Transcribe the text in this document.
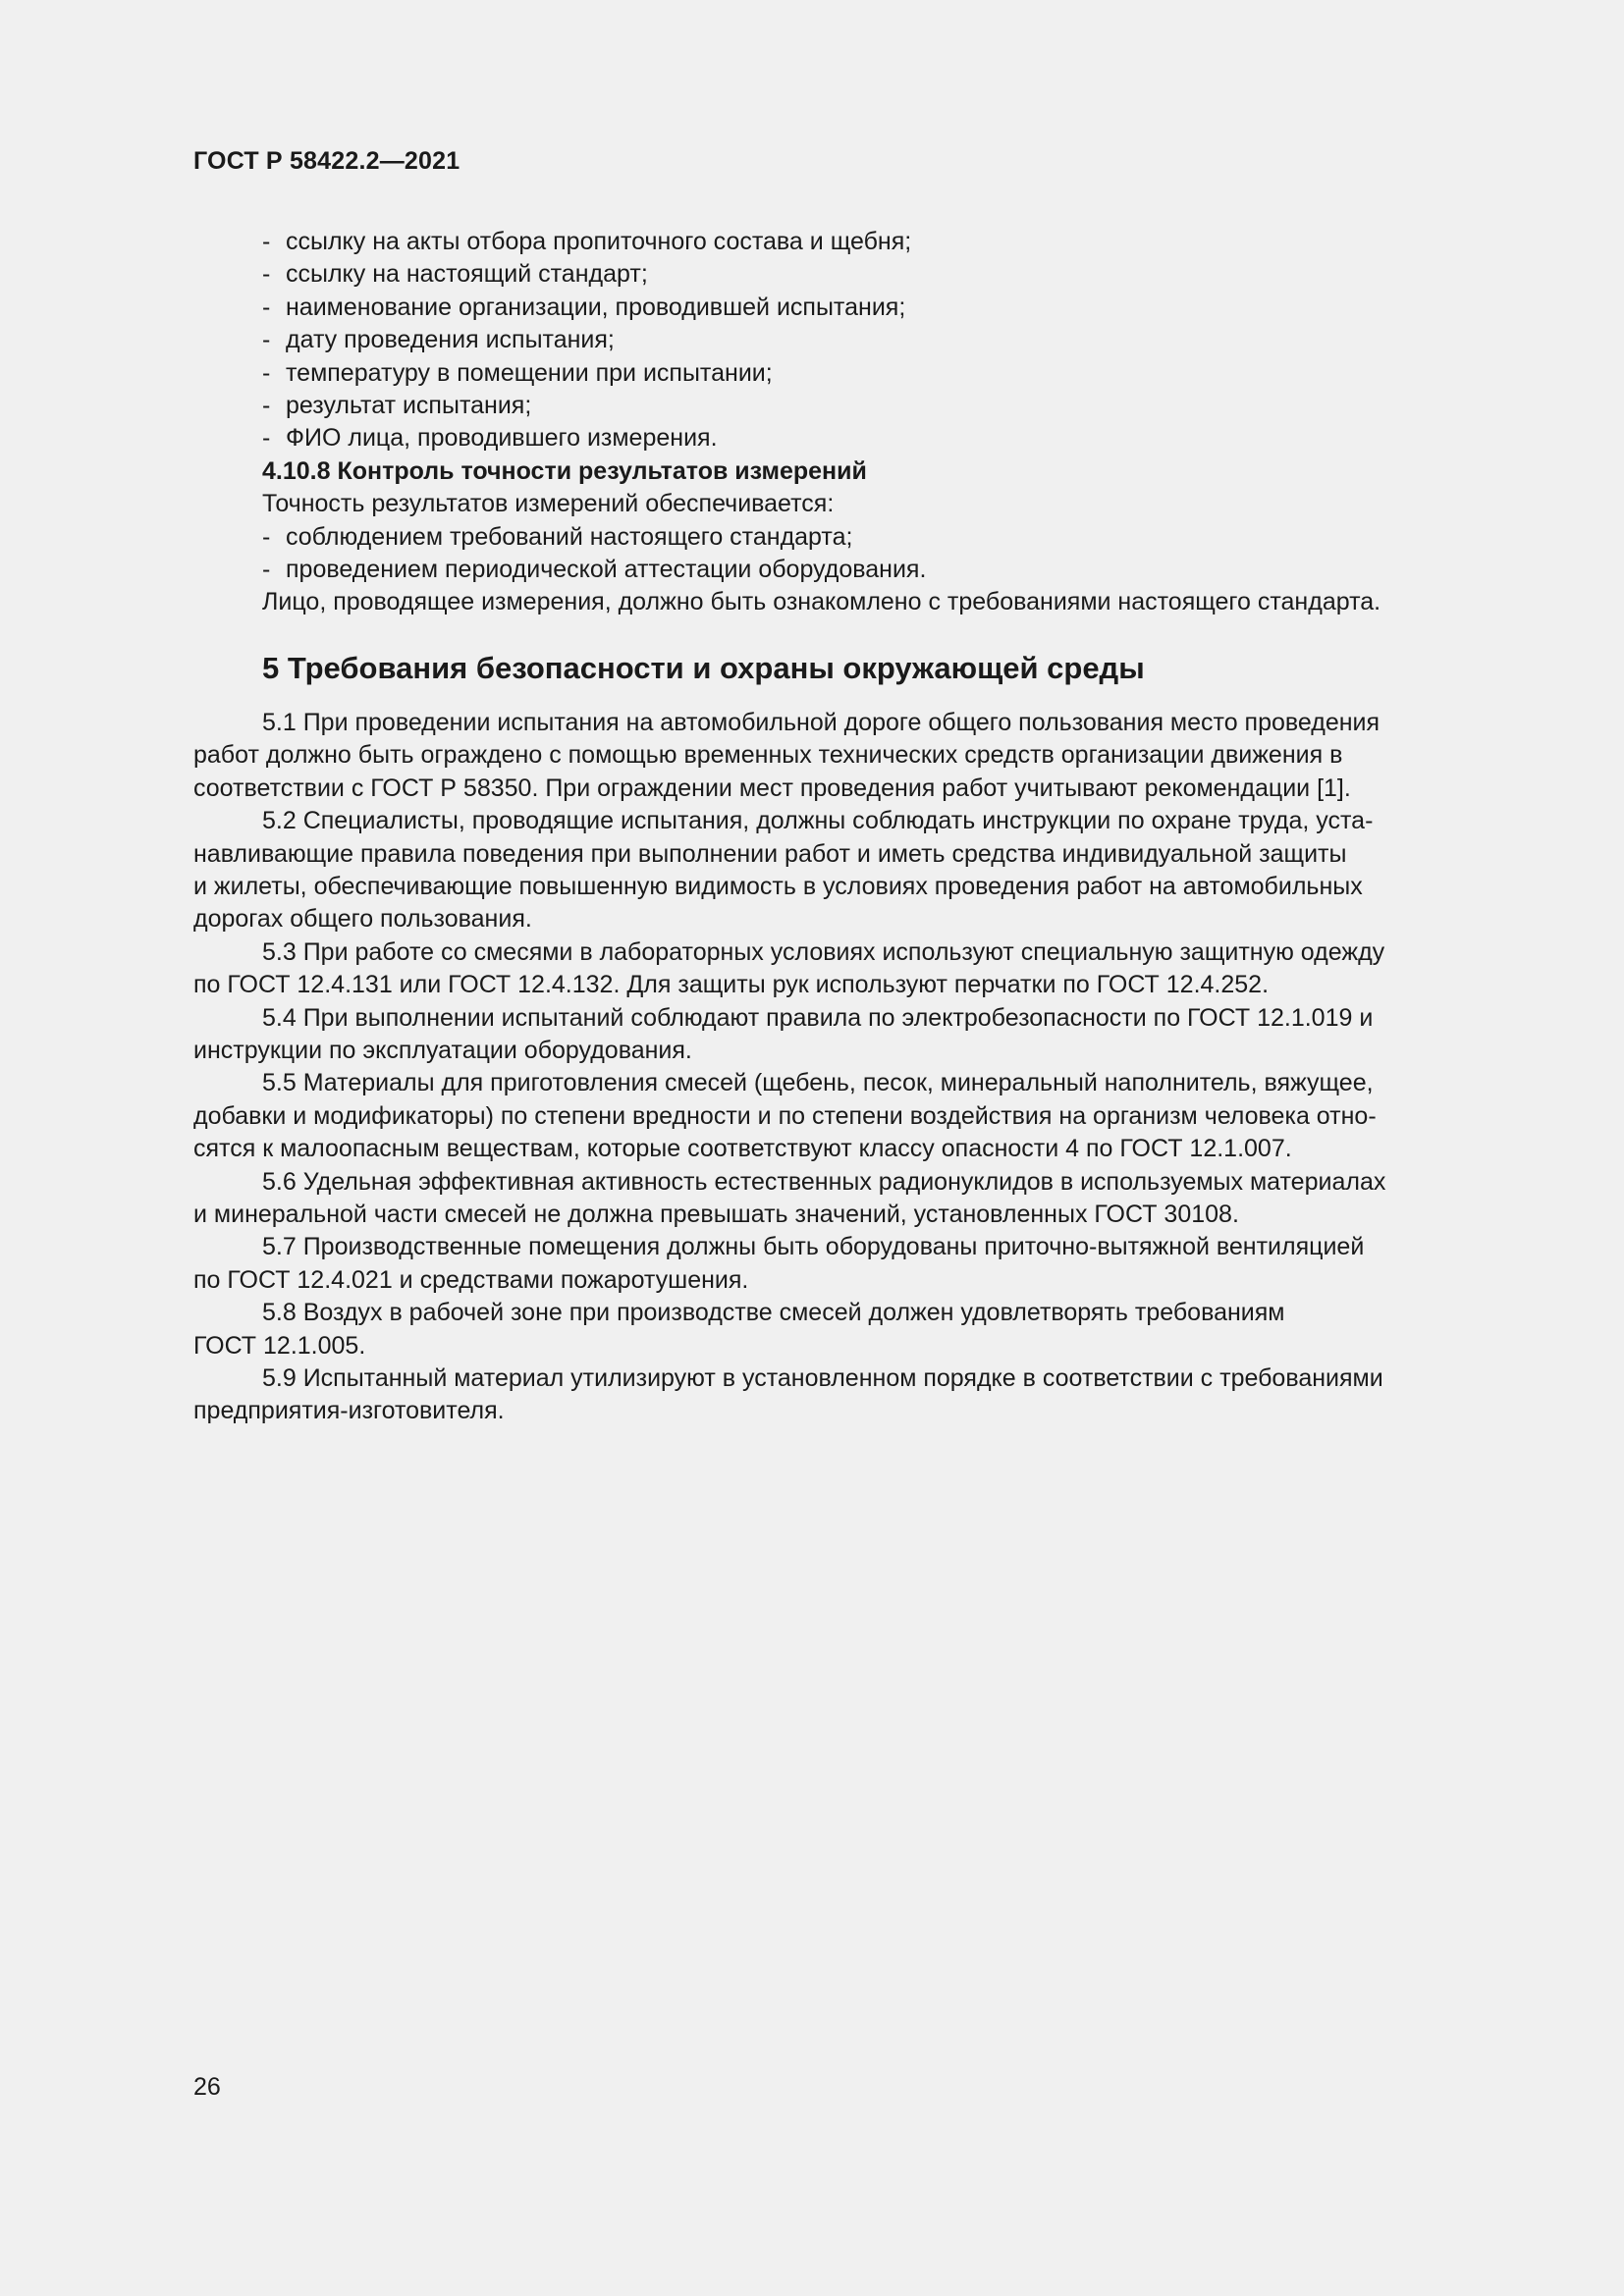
ГОСТ Р 58422.2—2021
- ссылку на акты отбора пропиточного состава и щебня;
- ссылку на настоящий стандарт;
- наименование организации, проводившей испытания;
- дату проведения испытания;
- температуру в помещении при испытании;
- результат испытания;
- ФИО лица, проводившего измерения.
4.10.8 Контроль точности результатов измерений
Точность результатов измерений обеспечивается:
- соблюдением требований настоящего стандарта;
- проведением периодической аттестации оборудования.
Лицо, проводящее измерения, должно быть ознакомлено с требованиями настоящего стандарта.
5 Требования безопасности и охраны окружающей среды
5.1 При проведении испытания на автомобильной дороге общего пользования место проведения
работ должно быть ограждено с помощью временных технических средств организации движения в
соответствии с ГОСТ Р 58350. При ограждении мест проведения работ учитывают рекомендации [1].
5.2 Специалисты, проводящие испытания, должны соблюдать инструкции по охране труда, уста-
навливающие правила поведения при выполнении работ и иметь средства индивидуальной защиты
и жилеты, обеспечивающие повышенную видимость в условиях проведения работ на автомобильных
дорогах общего пользования.
5.3 При работе со смесями в лабораторных условиях используют специальную защитную одежду
по ГОСТ 12.4.131 или ГОСТ 12.4.132. Для защиты рук используют перчатки по ГОСТ 12.4.252.
5.4 При выполнении испытаний соблюдают правила по электробезопасности по ГОСТ 12.1.019 и
инструкции по эксплуатации оборудования.
5.5 Материалы для приготовления смесей (щебень, песок, минеральный наполнитель, вяжущее,
добавки и модификаторы) по степени вредности и по степени воздействия на организм человека отно-
сятся к малоопасным веществам, которые соответствуют классу опасности 4 по ГОСТ 12.1.007.
5.6 Удельная эффективная активность естественных радионуклидов в используемых материалах
и минеральной части смесей не должна превышать значений, установленных ГОСТ 30108.
5.7 Производственные помещения должны быть оборудованы приточно-вытяжной вентиляцией
по ГОСТ 12.4.021 и средствами пожаротушения.
5.8 Воздух в рабочей зоне при производстве смесей должен удовлетворять требованиям
ГОСТ 12.1.005.
5.9 Испытанный материал утилизируют в установленном порядке в соответствии с требованиями
предприятия-изготовителя.
26
